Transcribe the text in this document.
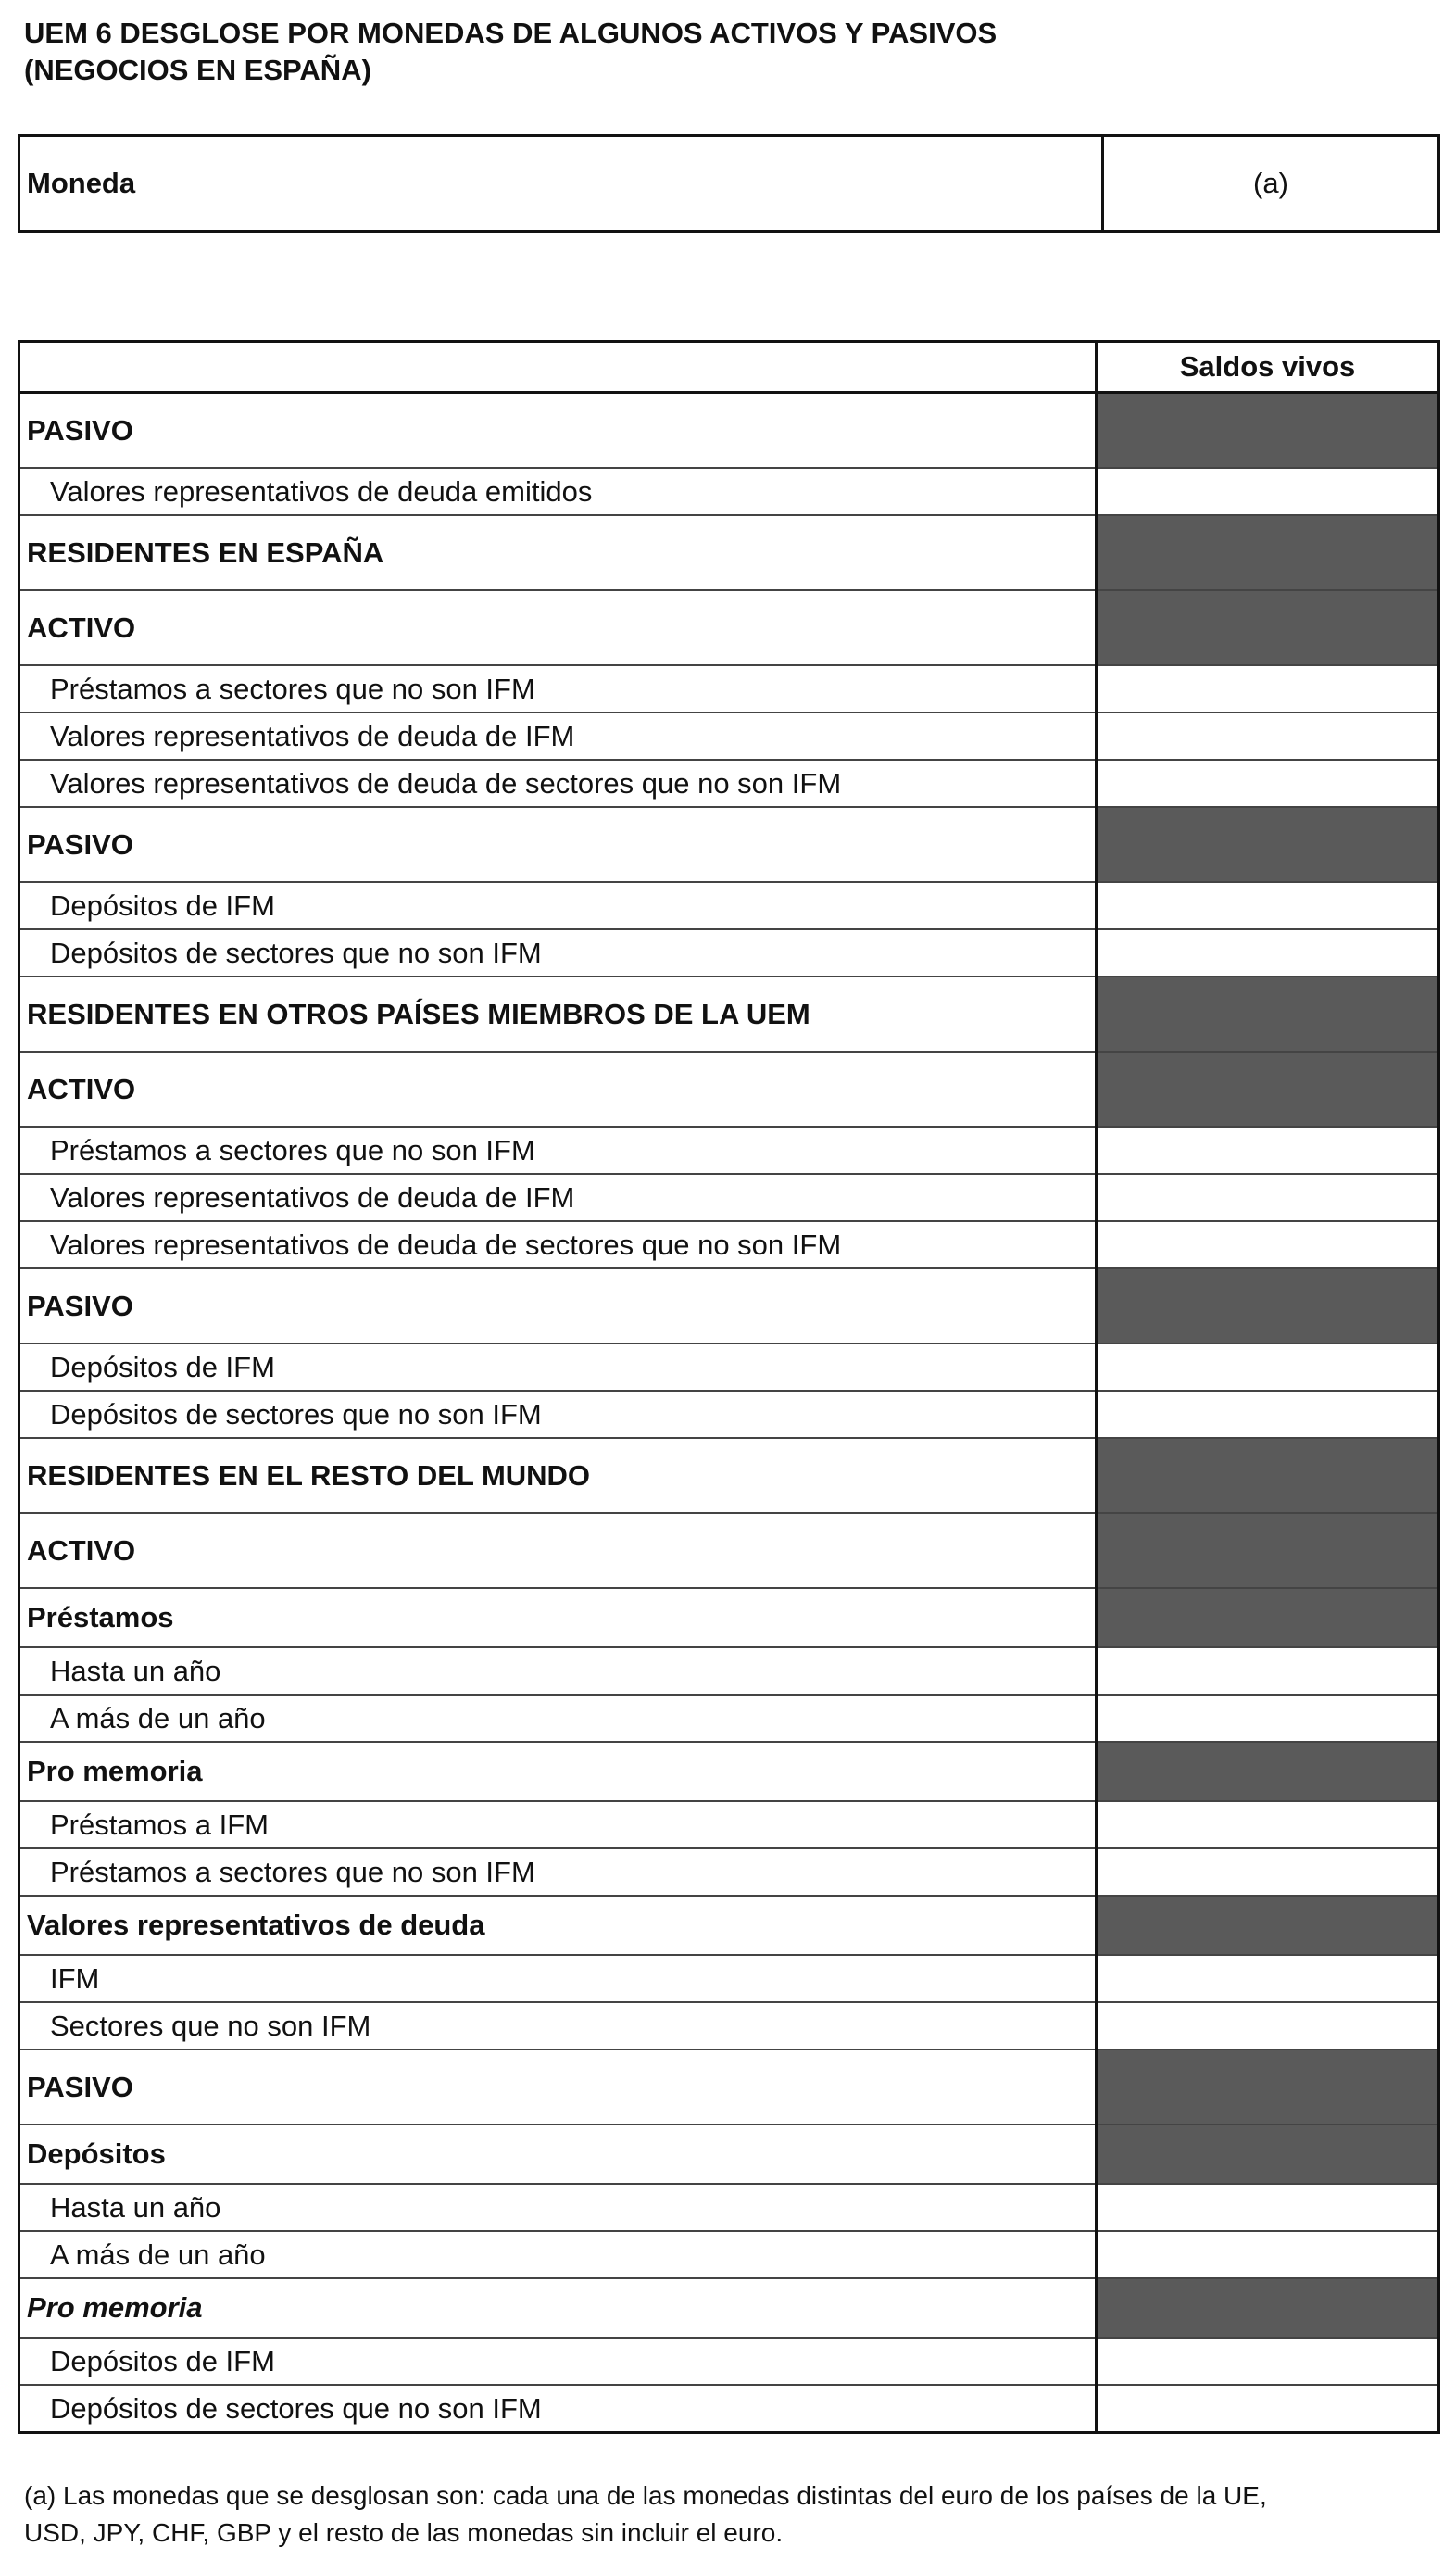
UEM 6 DESGLOSE POR MONEDAS DE ALGUNOS ACTIVOS Y PASIVOS
(NEGOCIOS EN ESPAÑA)
Moneda	(a)
	Saldos vivos
PASIVO	
Valores representativos de deuda emitidos	
RESIDENTES EN ESPAÑA	
ACTIVO	
Préstamos a sectores que no son IFM	
Valores representativos de deuda de IFM	
Valores representativos de deuda de sectores que no son IFM	
PASIVO	
Depósitos de IFM	
Depósitos de sectores que no son IFM	
RESIDENTES EN OTROS PAÍSES MIEMBROS DE LA UEM	
ACTIVO	
Préstamos a sectores que no son IFM	
Valores representativos de deuda de IFM	
Valores representativos de deuda de sectores que no son IFM	
PASIVO	
Depósitos de IFM	
Depósitos de sectores que no son IFM	
RESIDENTES EN EL RESTO DEL MUNDO	
ACTIVO	
Préstamos	
Hasta un año	
A más de un año	
Pro memoria	
Préstamos a IFM	
Préstamos a sectores que no son IFM	
Valores representativos de deuda	
IFM	
Sectores que no son IFM	
PASIVO	
Depósitos	
Hasta un año	
A más de un año	
Pro memoria	
Depósitos de IFM	
Depósitos de sectores que no son IFM	
(a) Las monedas que se desglosan son: cada una de las monedas distintas del euro de los países de la UE,
USD, JPY, CHF, GBP y el resto de las monedas sin incluir el euro.
